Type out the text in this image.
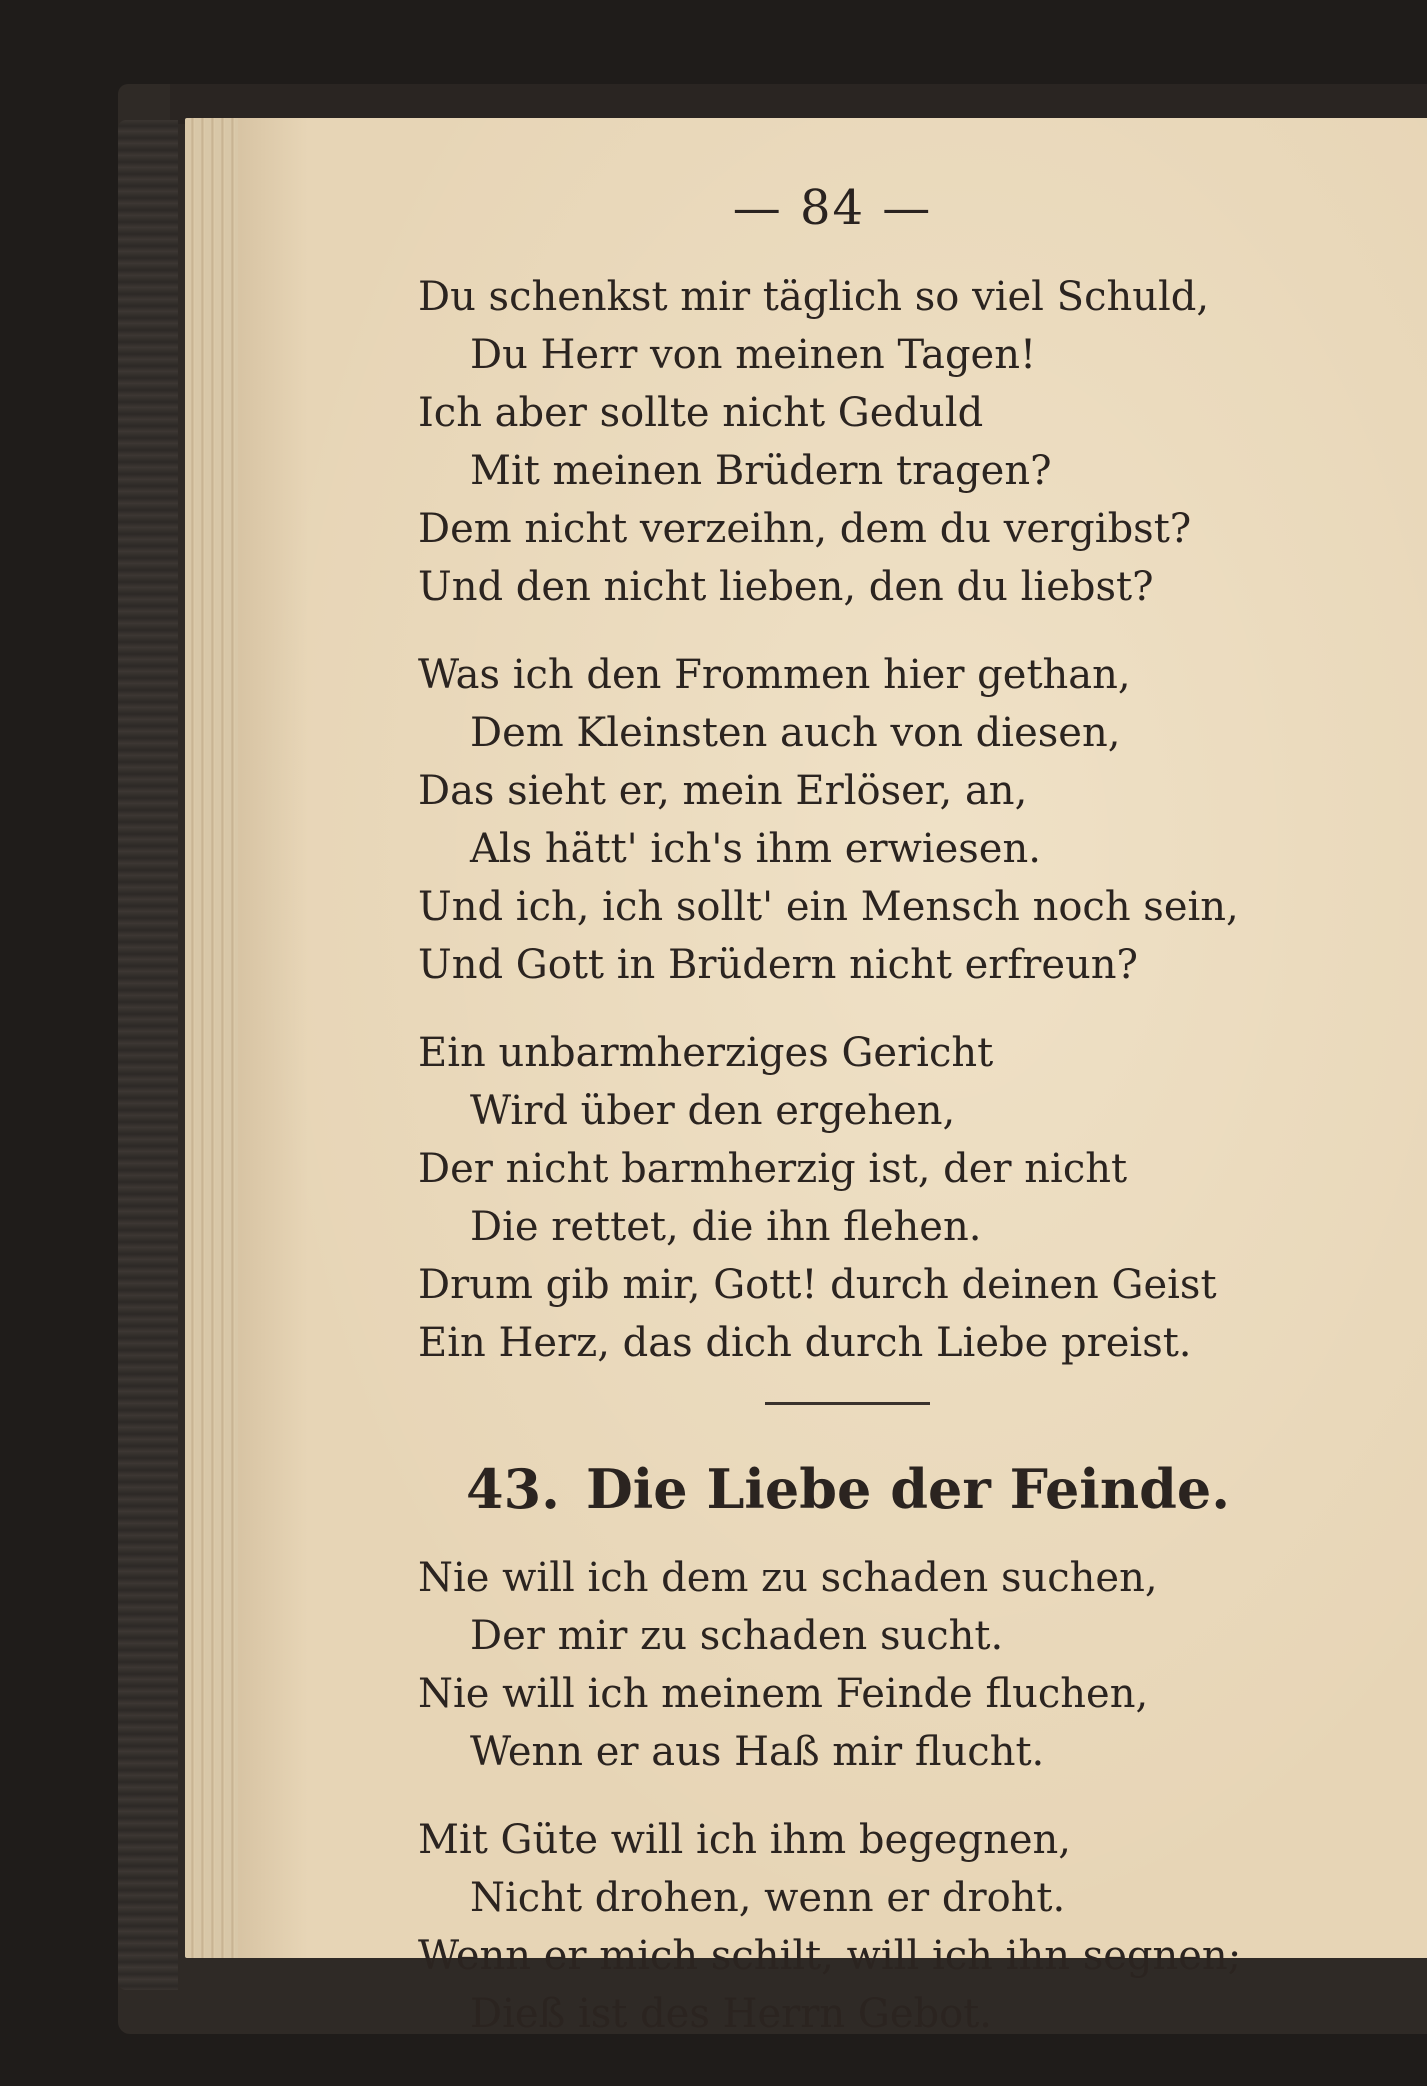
— 84 —
Du schenkst mir täglich so viel Schuld,
Du Herr von meinen Tagen!
Ich aber sollte nicht Geduld
Mit meinen Brüdern tragen?
Dem nicht verzeihn, dem du vergibst?
Und den nicht lieben, den du liebst?
Was ich den Frommen hier gethan,
Dem Kleinsten auch von diesen,
Das sieht er, mein Erlöser, an,
Als hätt' ich's ihm erwiesen.
Und ich, ich sollt' ein Mensch noch sein,
Und Gott in Brüdern nicht erfreun?
Ein unbarmherziges Gericht
Wird über den ergehen,
Der nicht barmherzig ist, der nicht
Die rettet, die ihn flehen.
Drum gib mir, Gott! durch deinen Geist
Ein Herz, das dich durch Liebe preist.
43. Die Liebe der Feinde.
Nie will ich dem zu schaden suchen,
Der mir zu schaden sucht.
Nie will ich meinem Feinde fluchen,
Wenn er aus Haß mir flucht.
Mit Güte will ich ihm begegnen,
Nicht drohen, wenn er droht.
Wenn er mich schilt, will ich ihn segnen;
Dieß ist des Herrn Gebot.
